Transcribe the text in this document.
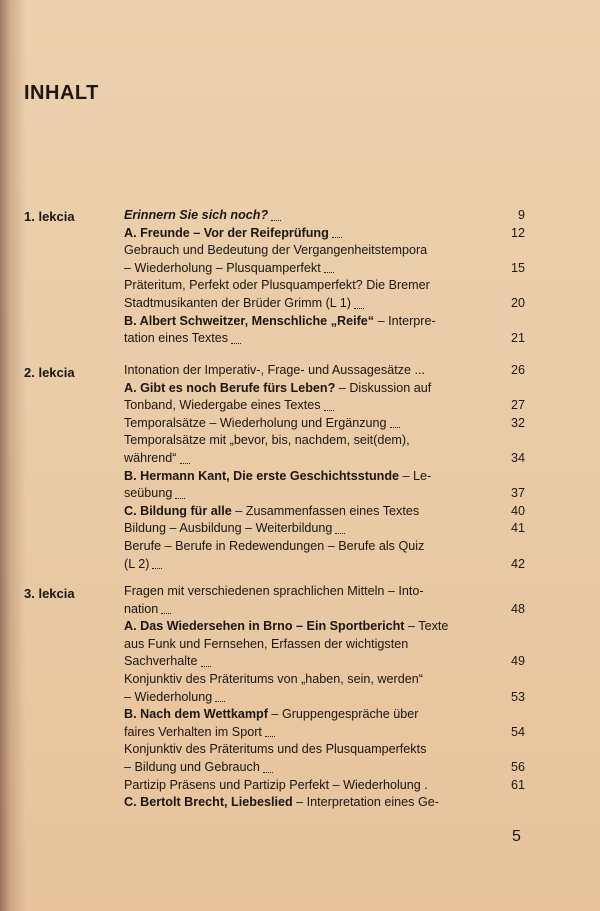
INHALT
1. lekcia	Erinnern Sie sich noch?	9
A. Freunde – Vor der Reifeprüfung	12
Gebrauch und Bedeutung der Vergangenheitstempora
– Wiederholung – Plusquamperfekt	15
Präteritum, Perfekt oder Plusquamperfekt? Die Bremer
Stadtmusikanten der Brüder Grimm (L 1)	20
B. Albert Schweitzer, Menschliche „Reife“ – Interpre-
tation eines Textes	21
2. lekcia	Intonation der Imperativ-, Frage- und Aussagesätze ...	26
A. Gibt es noch Berufe fürs Leben? – Diskussion auf
Tonband, Wiedergabe eines Textes	27
Temporalsätze – Wiederholung und Ergänzung	32
Temporalsätze mit „bevor, bis, nachdem, seit(dem),
während“	34
B. Hermann Kant, Die erste Geschichtsstunde – Le-
seübung	37
C. Bildung für alle – Zusammenfassen eines Textes	40
Bildung – Ausbildung – Weiterbildung	41
Berufe – Berufe in Redewendungen – Berufe als Quiz
(L 2)	42
3. lekcia	Fragen mit verschiedenen sprachlichen Mitteln – Into-
nation	48
A. Das Wiedersehen in Brno – Ein Sportbericht – Texte
aus Funk und Fernsehen, Erfassen der wichtigsten
Sachverhalte	49
Konjunktiv des Präteritums von „haben, sein, werden“
– Wiederholung	53
B. Nach dem Wettkampf – Gruppengespräche über
faires Verhalten im Sport	54
Konjunktiv des Präteritums und des Plusquamperfekts
– Bildung und Gebrauch	56
Partizip Präsens und Partizip Perfekt – Wiederholung .	61
C. Bertolt Brecht, Liebeslied – Interpretation eines Ge-
5
